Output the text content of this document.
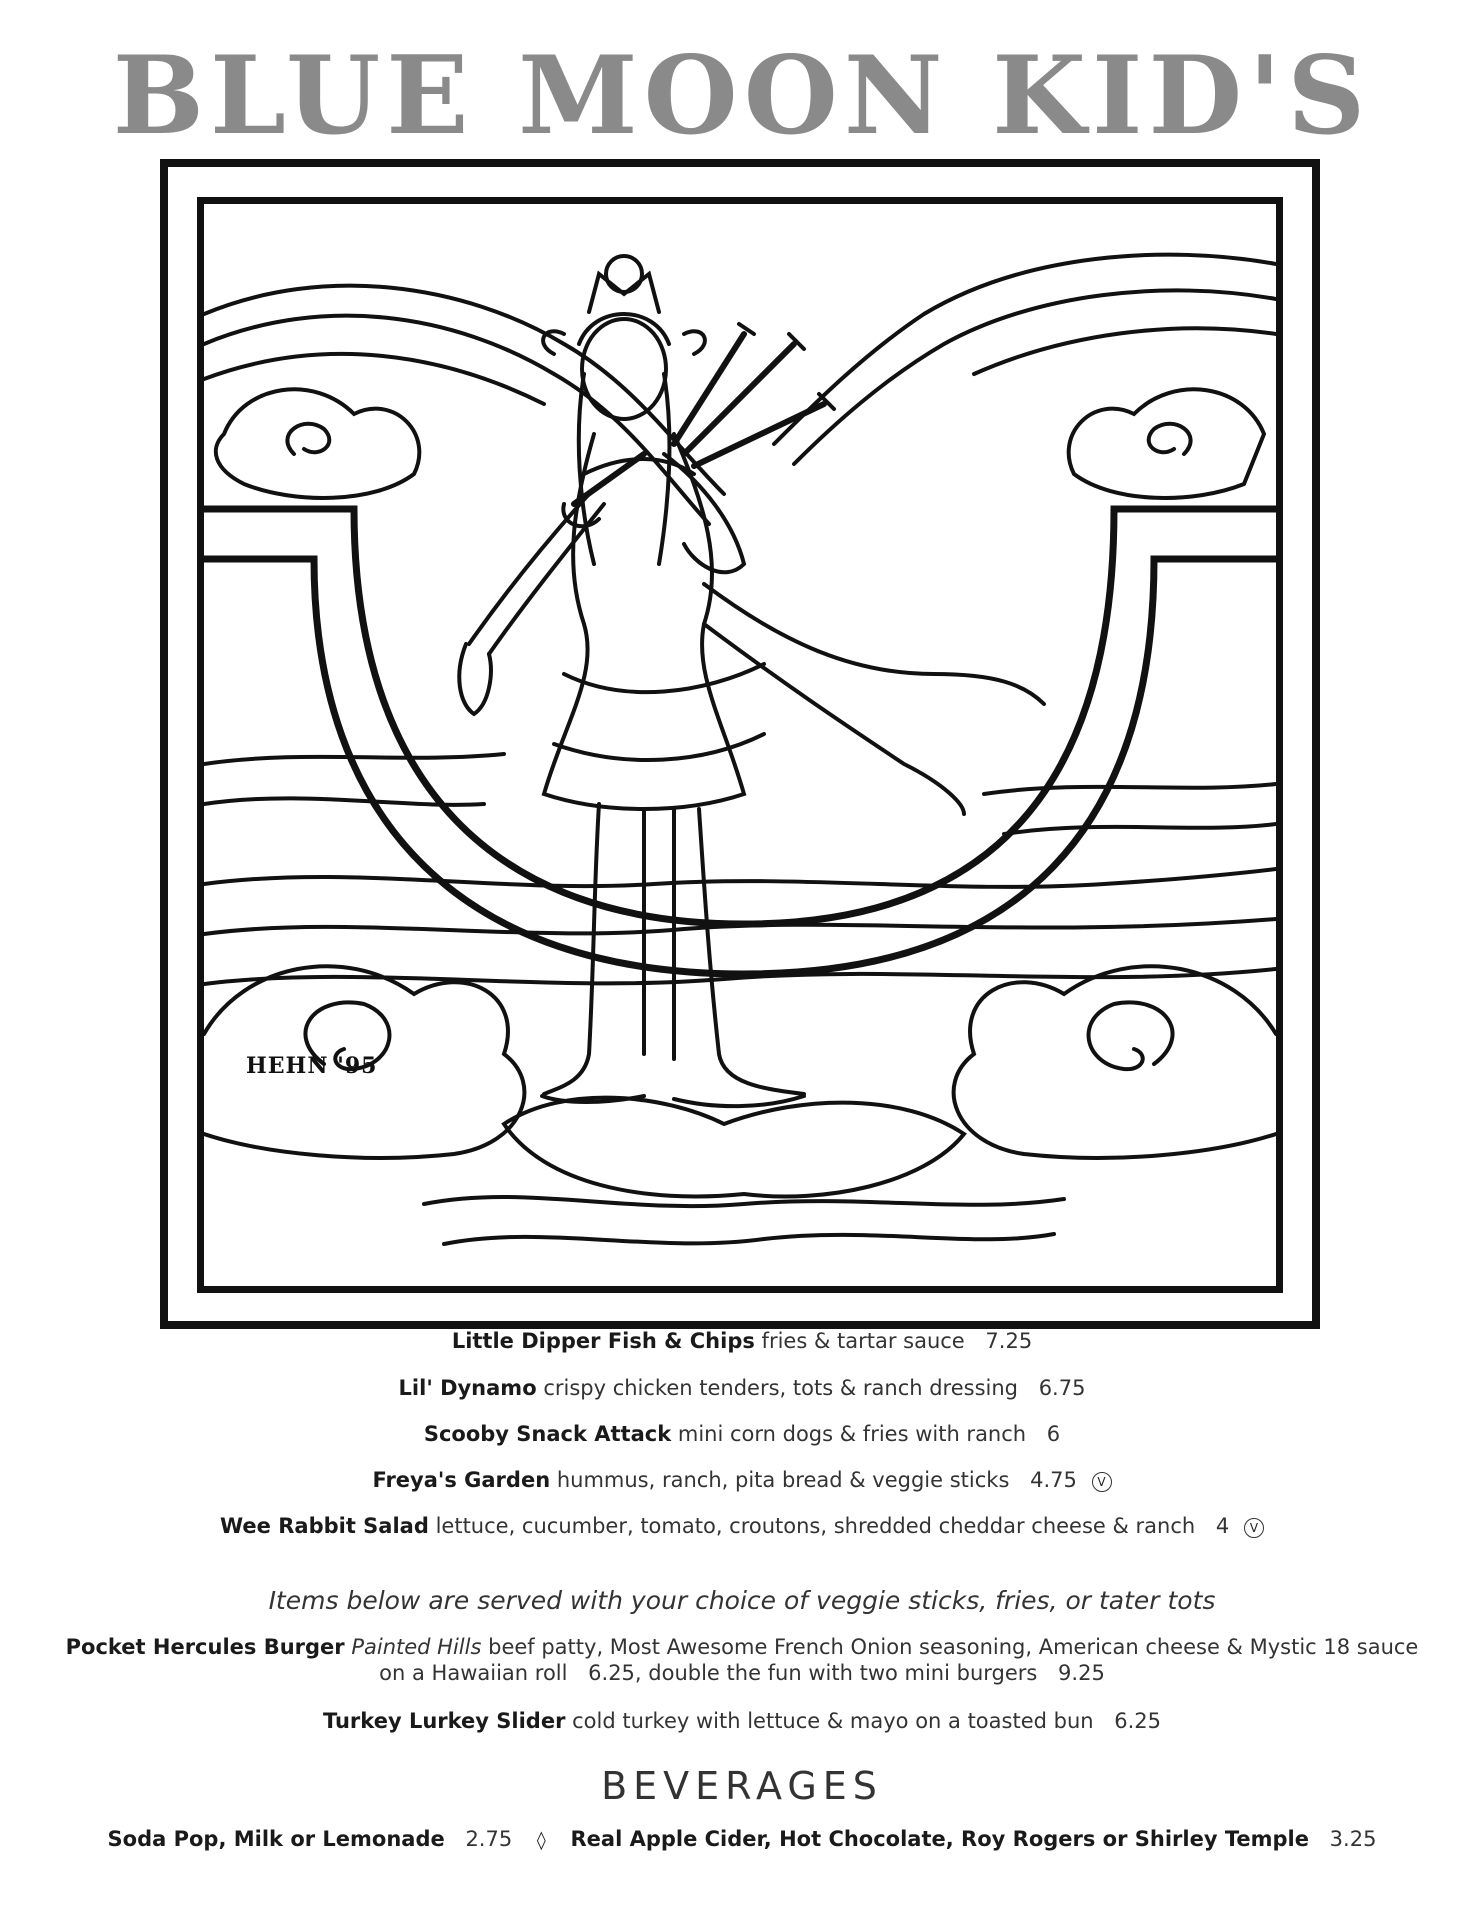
BLUE MOON KID'S
HEHN '95
Little Dipper Fish & Chips fries & tartar sauce 7.25
Lil' Dynamo crispy chicken tenders, tots & ranch dressing 6.75
Scooby Snack Attack mini corn dogs & fries with ranch 6
Freya's Garden hummus, ranch, pita bread & veggie sticks 4.75 V
Wee Rabbit Salad lettuce, cucumber, tomato, croutons, shredded cheddar cheese & ranch 4 V
Items below are served with your choice of veggie sticks, fries, or tater tots
Pocket Hercules Burger Painted Hills beef patty, Most Awesome French Onion seasoning, American cheese & Mystic 18 sauce
on a Hawaiian roll 6.25, double the fun with two mini burgers 9.25
Turkey Lurkey Slider cold turkey with lettuce & mayo on a toasted bun 6.25
BEVERAGES
Soda Pop, Milk or Lemonade 2.75 ◊ Real Apple Cider, Hot Chocolate, Roy Rogers or Shirley Temple 3.25
